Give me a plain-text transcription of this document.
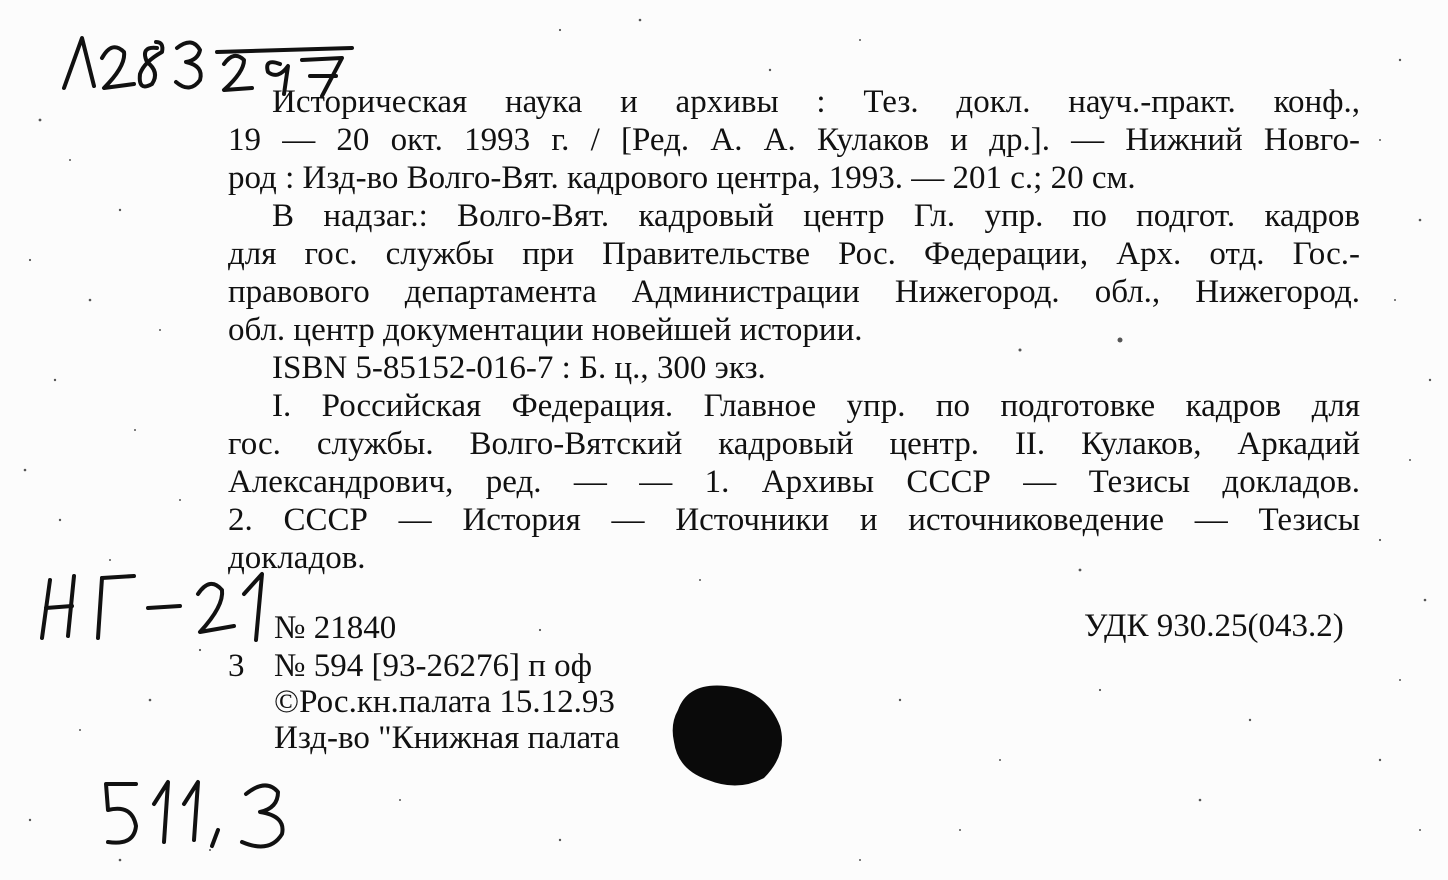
Историческая наука и архивы : Тез. докл. науч.-практ. конф.,
19 — 20 окт. 1993 г. / [Ред. А. А. Кулаков и др.]. — Нижний Новго-
род : Изд-во Волго-Вят. кадрового центра, 1993. — 201 с.; 20 см.
В надзаг.: Волго-Вят. кадровый центр Гл. упр. по подгот. кадров
для гос. службы при Правительстве Рос. Федерации, Арх. отд. Гос.-
правового департамента Администрации Нижегород. обл., Нижегород.
обл. центр документации новейшей истории.
ISBN 5-85152-016-7 : Б. ц., 300 экз.
I. Российская Федерация. Главное упр. по подготовке кадров для
гос. службы. Волго-Вятский кадровый центр. II. Кулаков, Аркадий
Александрович, ред. — — 1. Архивы СССР — Тезисы докладов.
2. СССР — История — Источники и источниковедение — Тезисы
докладов.
№ 21840	УДК 930.25(043.2)
3 № 594 [93-26276] п оф
©Рос.кн.палата 15.12.93
Изд-во "Книжная палата
